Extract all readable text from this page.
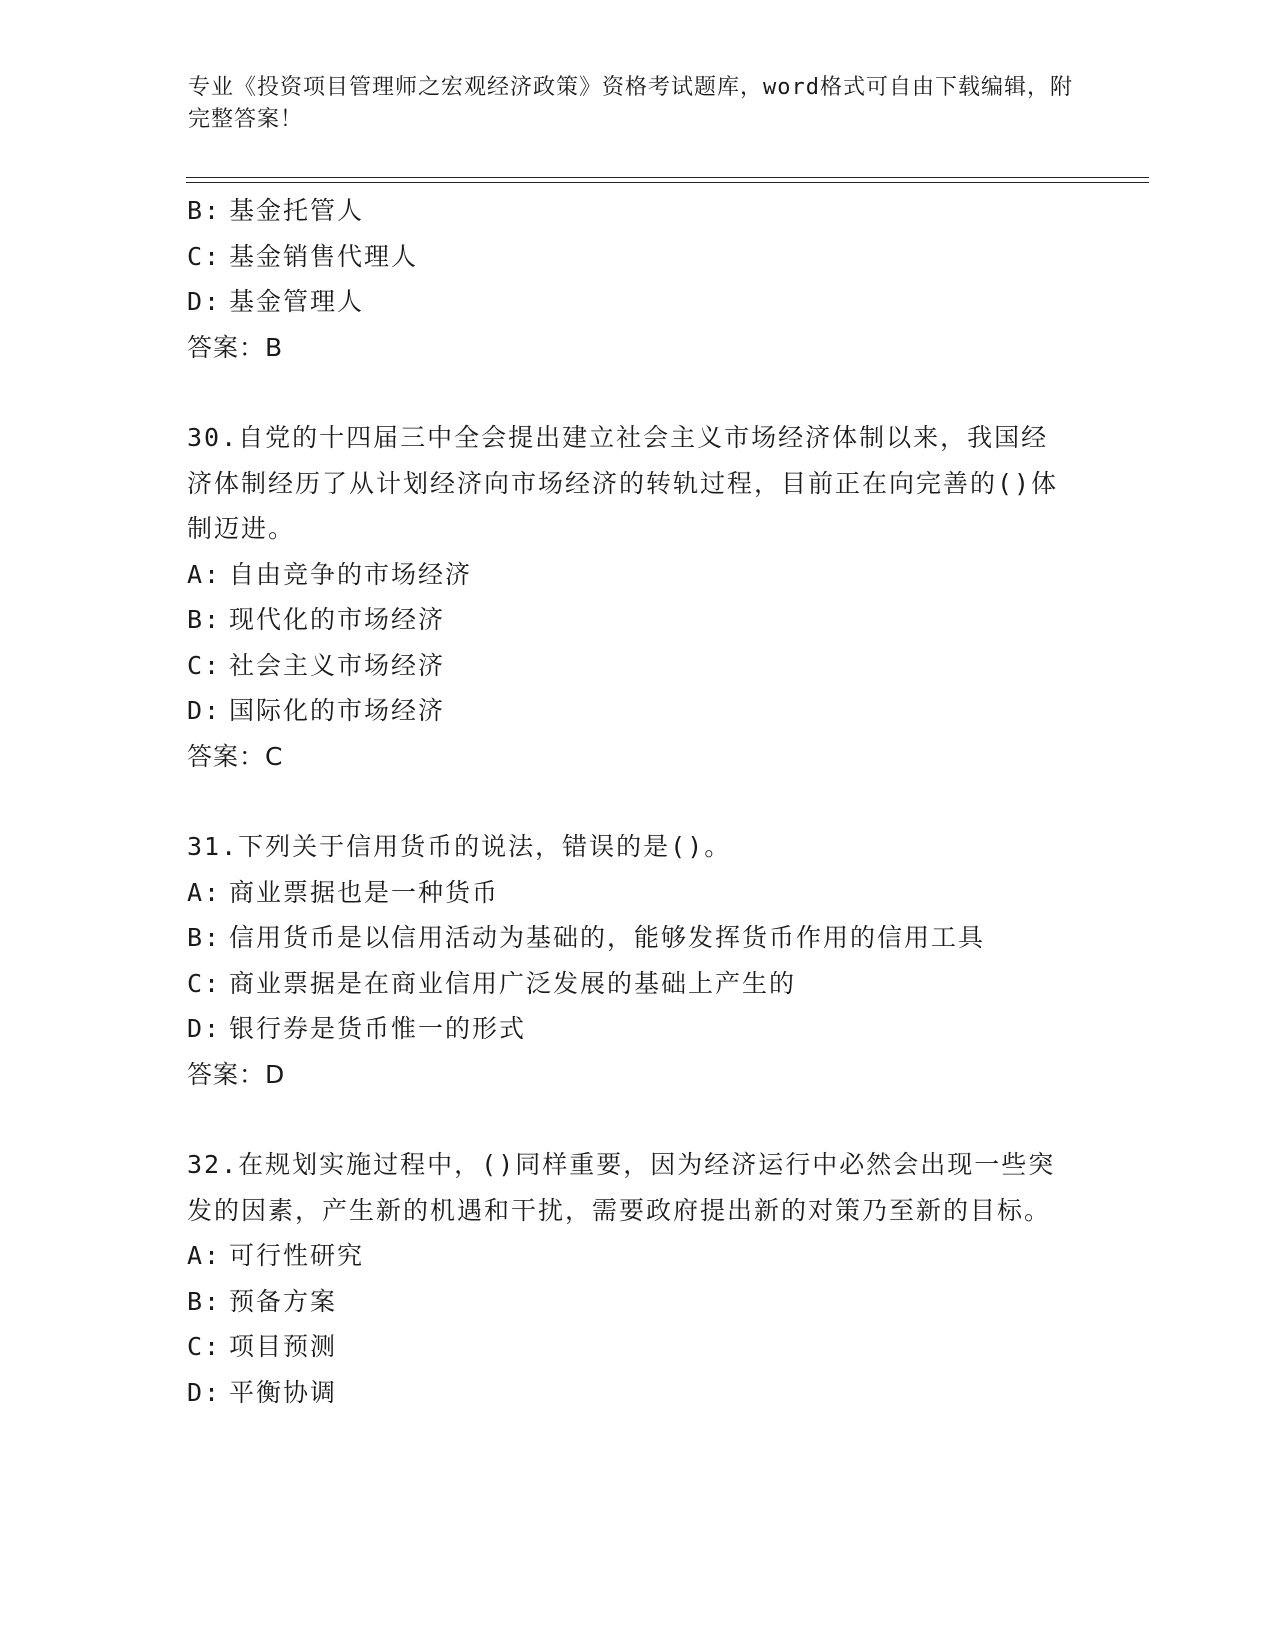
专业《投资项目管理师之宏观经济政策》资格考试题库，word格式可自由下载编辑，附完整答案！
B: 基金托管人
C: 基金销售代理人
D: 基金管理人
答案：B
30.自党的十四届三中全会提出建立社会主义市场经济体制以来，我国经济体制经历了从计划经济向市场经济的转轨过程，目前正在向完善的()体制迈进。
A: 自由竞争的市场经济
B: 现代化的市场经济
C: 社会主义市场经济
D: 国际化的市场经济
答案：C
31.下列关于信用货币的说法，错误的是()。
A: 商业票据也是一种货币
B: 信用货币是以信用活动为基础的，能够发挥货币作用的信用工具
C: 商业票据是在商业信用广泛发展的基础上产生的
D: 银行券是货币惟一的形式
答案：D
32.在规划实施过程中，()同样重要，因为经济运行中必然会出现一些突发的因素，产生新的机遇和干扰，需要政府提出新的对策乃至新的目标。
A: 可行性研究
B: 预备方案
C: 项目预测
D: 平衡协调
